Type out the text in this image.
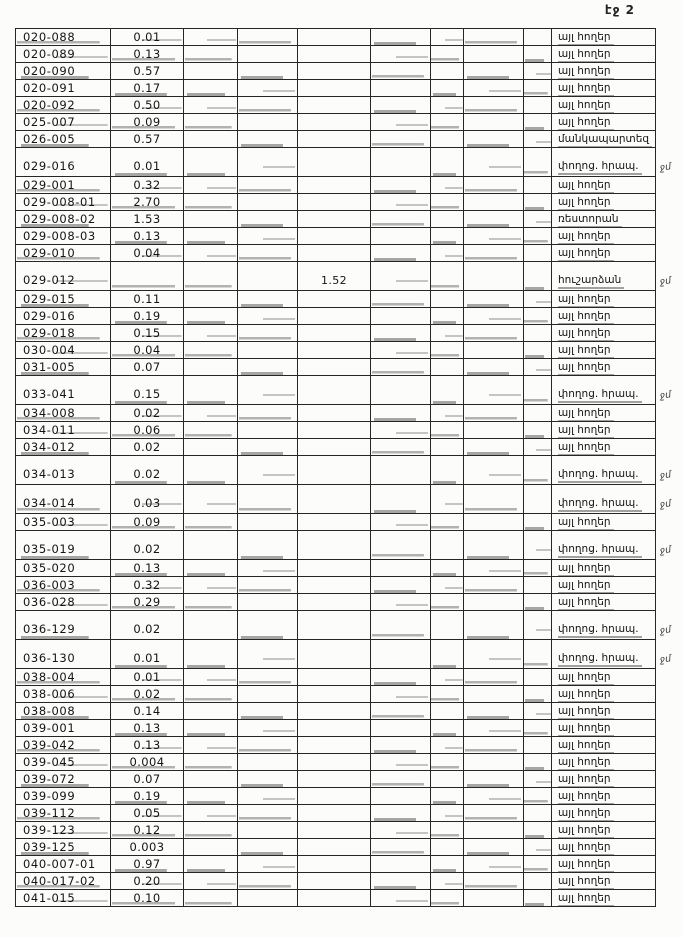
էջ 2
020-088	0.01								այլ հողեր	
020-089	0.13								այլ հողեր	
020-090	0.57								այլ հողեր	
020-091	0.17								այլ հողեր	
020-092	0.50								այլ հողեր	
025-007	0.09								այլ հողեր	
026-005	0.57								մանկապարտեզ	
029-016	0.01								փողոց. հրապ.	ջմ
029-001	0.32								այլ հողեր	
029-008-01	2.70								այլ հողեր	
029-008-02	1.53								ռեստորան	
029-008-03	0.13								այլ հողեր	
029-010	0.04								այլ հողեր	
029-012				1.52					հուշարձան	ջմ
029-015	0.11								այլ հողեր	
029-016	0.19								այլ հողեր	
029-018	0.15								այլ հողեր	
030-004	0.04								այլ հողեր	
031-005	0.07								այլ հողեր	
033-041	0.15								փողոց. հրապ.	ջմ
034-008	0.02								այլ հողեր	
034-011	0.06								այլ հողեր	
034-012	0.02								այլ հողեր	
034-013	0.02								փողոց. հրապ.	ջմ
034-014	0.03								փողոց. հրապ.	ջմ
035-003	0.09								այլ հողեր	
035-019	0.02								փողոց. հրապ.	ջմ
035-020	0.13								այլ հողեր	
036-003	0.32								այլ հողեր	
036-028	0.29								այլ հողեր	
036-129	0.02								փողոց. հրապ.	ջմ
036-130	0.01								փողոց. հրապ.	ջմ
038-004	0.01								այլ հողեր	
038-006	0.02								այլ հողեր	
038-008	0.14								այլ հողեր	
039-001	0.13								այլ հողեր	
039-042	0.13								այլ հողեր	
039-045	0.004								այլ հողեր	
039-072	0.07								այլ հողեր	
039-099	0.19								այլ հողեր	
039-112	0.05								այլ հողեր	
039-123	0.12								այլ հողեր	
039-125	0.003								այլ հողեր	
040-007-01	0.97								այլ հողեր	
040-017-02	0.20								այլ հողեր	
041-015	0.10								այլ հողեր	
